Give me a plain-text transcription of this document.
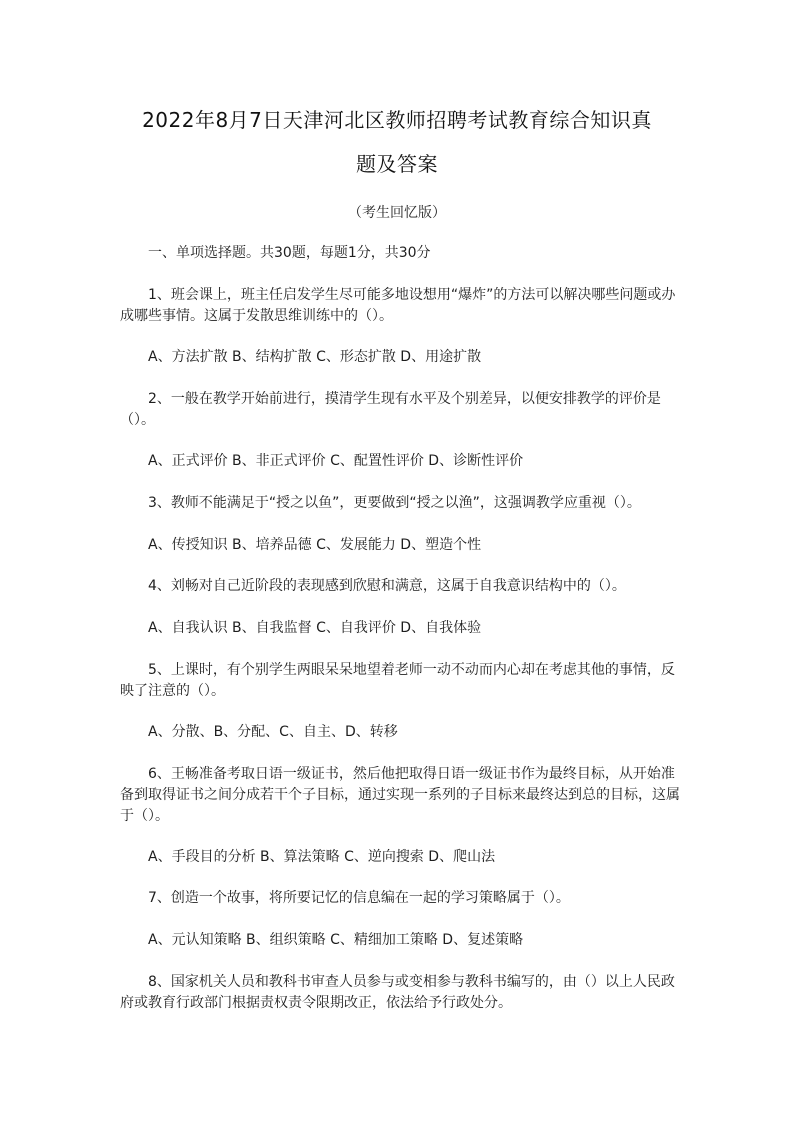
2022年8月7日天津河北区教师招聘考试教育综合知识真
题及答案
（考生回忆版）
一、单项选择题。共30题，每题1分，共30分
1、班会课上，班主任启发学生尽可能多地设想用“爆炸”的方法可以解决哪些问题或办成哪些事情。这属于发散思维训练中的（）。
A、方法扩散 B、结构扩散 C、形态扩散 D、用途扩散
2、一般在教学开始前进行，摸清学生现有水平及个别差异，以便安排教学的评价是（）。
A、正式评价 B、非正式评价 C、配置性评价 D、诊断性评价
3、教师不能满足于“授之以鱼”，更要做到“授之以渔”，这强调教学应重视（）。
A、传授知识 B、培养品德 C、发展能力 D、塑造个性
4、刘畅对自己近阶段的表现感到欣慰和满意，这属于自我意识结构中的（）。
A、自我认识 B、自我监督 C、自我评价 D、自我体验
5、上课时，有个别学生两眼呆呆地望着老师一动不动而内心却在考虑其他的事情，反映了注意的（）。
A、分散、B、分配、C、自主、D、转移
6、王畅准备考取日语一级证书，然后他把取得日语一级证书作为最终目标，从开始准备到取得证书之间分成若干个子目标，通过实现一系列的子目标来最终达到总的目标，这属于（）。
A、手段目的分析 B、算法策略 C、逆向搜索 D、爬山法
7、创造一个故事，将所要记忆的信息编在一起的学习策略属于（）。
A、元认知策略 B、组织策略 C、精细加工策略 D、复述策略
8、国家机关人员和教科书审查人员参与或变相参与教科书编写的，由（）以上人民政府或教育行政部门根据责权责令限期改正，依法给予行政处分。
